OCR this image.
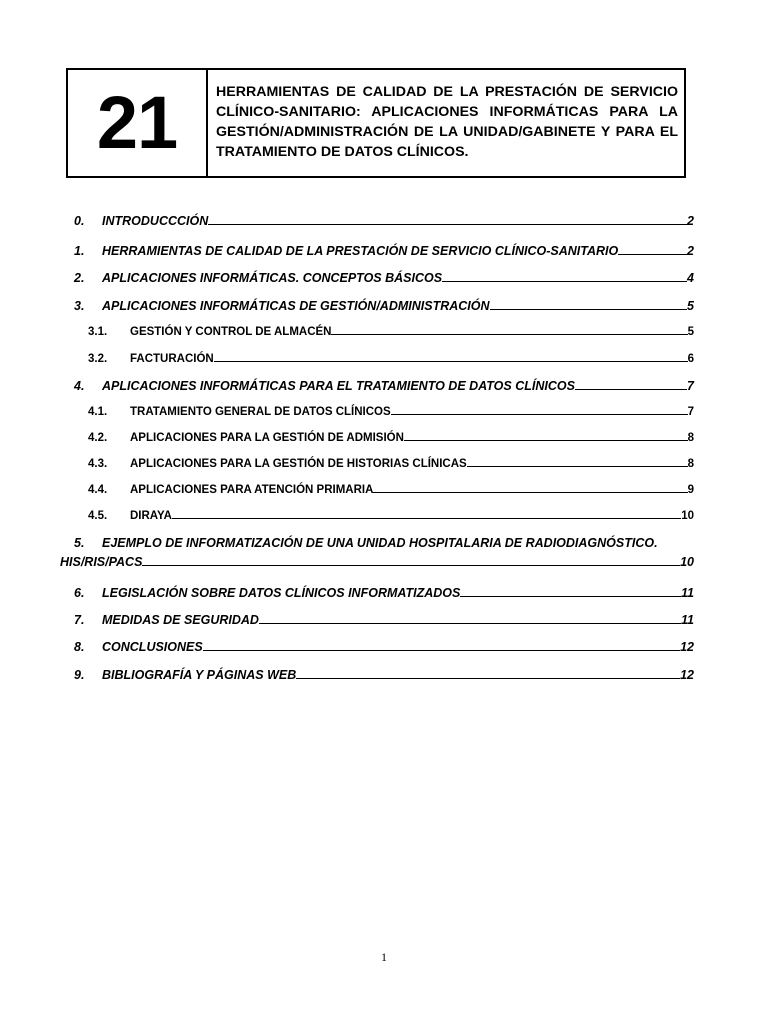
21	HERRAMIENTAS DE CALIDAD DE LA PRESTACIÓN DE SERVICIO CLÍNICO-SANITARIO: APLICACIONES INFORMÁTICAS PARA LA GESTIÓN/ADMINISTRACIÓN DE LA UNIDAD/GABINETE Y PARA EL TRATAMIENTO DE DATOS CLÍNICOS.
0. INTRODUCCCIÓN	2
1. HERRAMIENTAS DE CALIDAD DE LA PRESTACIÓN DE SERVICIO CLÍNICO-SANITARIO	2
2. APLICACIONES INFORMÁTICAS. CONCEPTOS BÁSICOS	4
3. APLICACIONES INFORMÁTICAS DE GESTIÓN/ADMINISTRACIÓN	5
3.1. GESTIÓN Y CONTROL DE ALMACÉN	5
3.2. FACTURACIÓN	6
4. APLICACIONES INFORMÁTICAS PARA EL TRATAMIENTO DE DATOS CLÍNICOS	7
4.1. TRATAMIENTO GENERAL DE DATOS CLÍNICOS	7
4.2. APLICACIONES PARA LA GESTIÓN DE ADMISIÓN	8
4.3. APLICACIONES PARA LA GESTIÓN DE HISTORIAS CLÍNICAS	8
4.4. APLICACIONES PARA ATENCIÓN PRIMARIA	9
4.5. DIRAYA	10
5. EJEMPLO DE INFORMATIZACIÓN DE UNA UNIDAD HOSPITALARIA DE RADIODIAGNÓSTICO.
HIS/RIS/PACS	10
6. LEGISLACIÓN SOBRE DATOS CLÍNICOS INFORMATIZADOS	11
7. MEDIDAS DE SEGURIDAD	11
8. CONCLUSIONES	12
9. BIBLIOGRAFÍA Y PÁGINAS WEB	12
1
